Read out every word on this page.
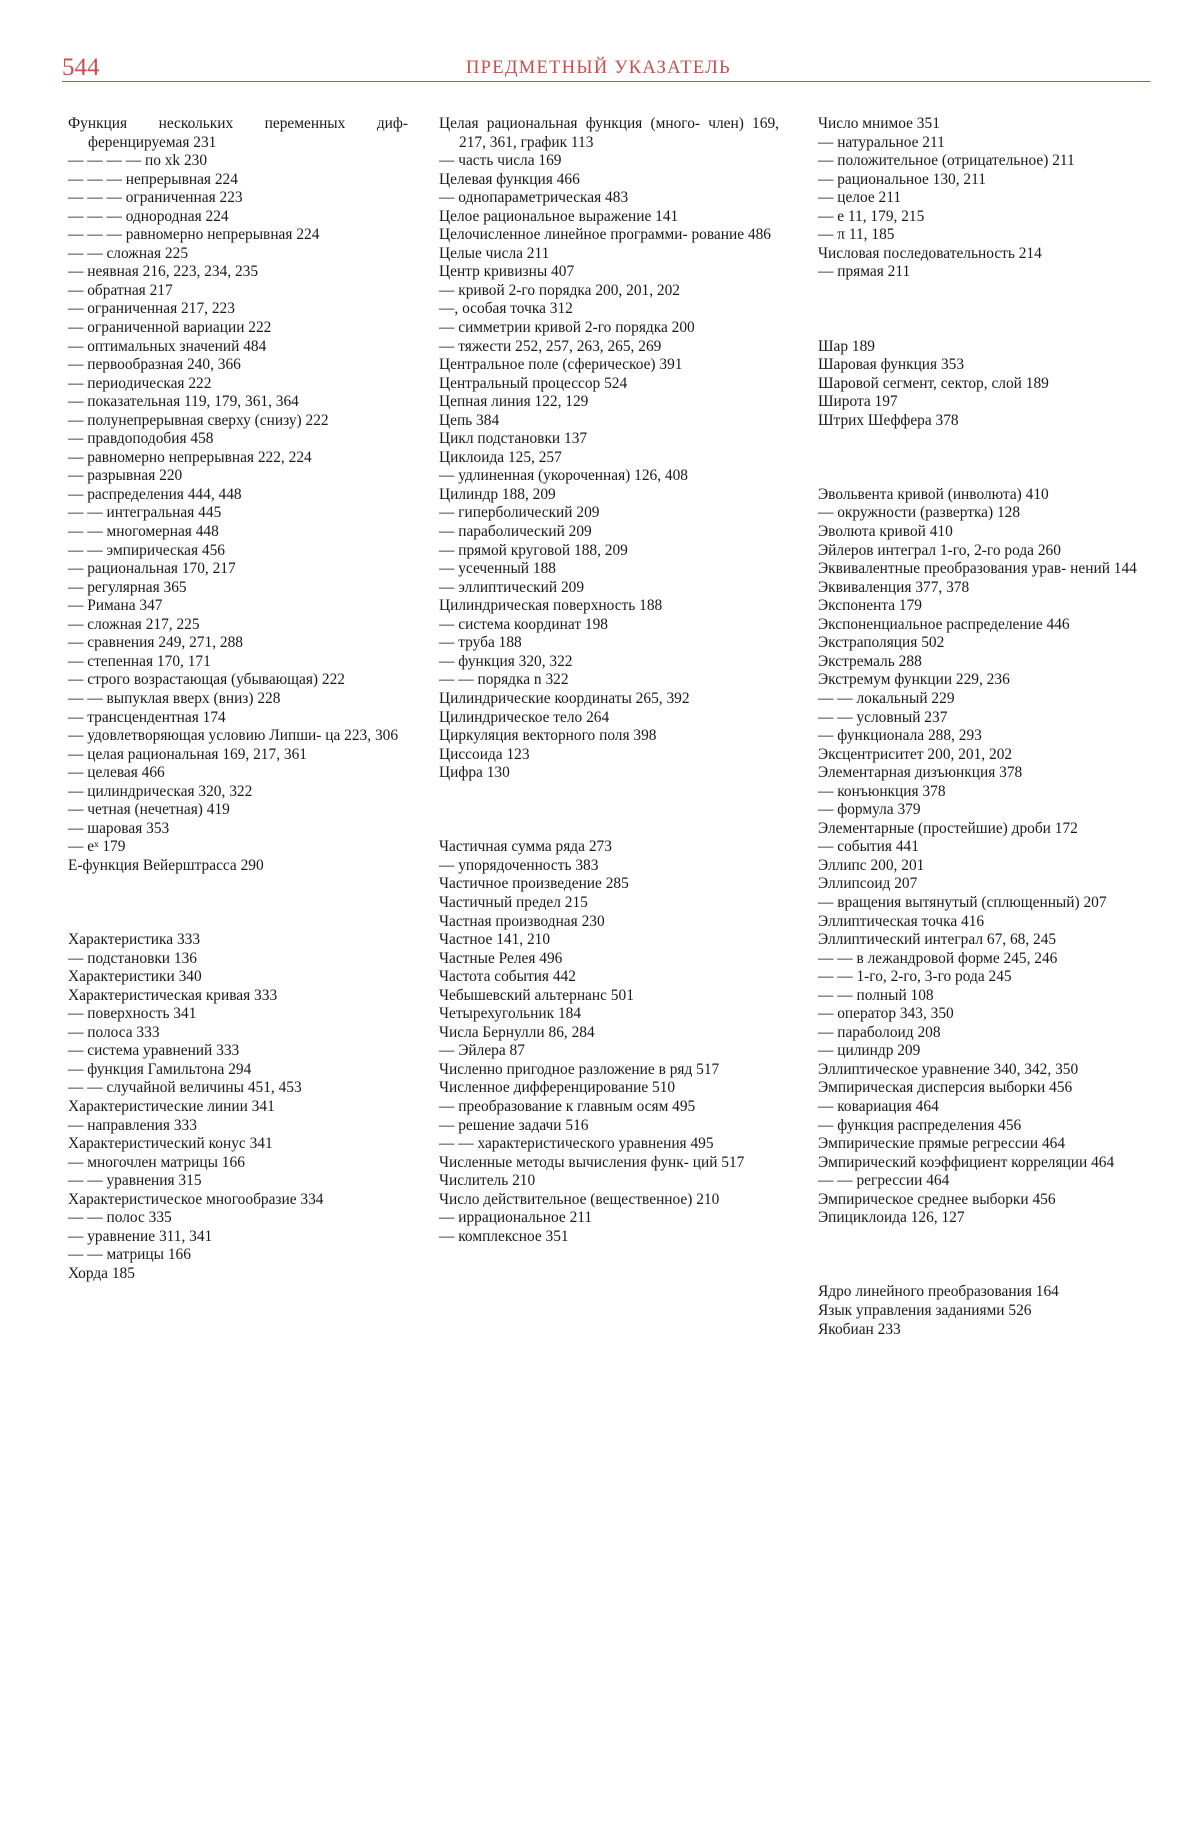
544	ПРЕДМЕТНЫЙ УКАЗАТЕЛЬ
Функция нескольких переменных диф- ференцируемая 231
— — — — по xk 230
— — — непрерывная 224
— — — ограниченная 223
— — — однородная 224
— — — равномерно непрерывная 224
— — сложная 225
— неявная 216, 223, 234, 235
— обратная 217
— ограниченная 217, 223
— ограниченной вариации 222
— оптимальных значений 484
— первообразная 240, 366
— периодическая 222
— показательная 119, 179, 361, 364
— полунепрерывная сверху (снизу) 222
— правдоподобия 458
— равномерно непрерывная 222, 224
— разрывная 220
— распределения 444, 448
— — интегральная 445
— — многомерная 448
— — эмпирическая 456
— рациональная 170, 217
— регулярная 365
— Римана 347
— сложная 217, 225
— сравнения 249, 271, 288
— степенная 170, 171
— строго возрастающая (убывающая) 222
— — выпуклая вверх (вниз) 228
— трансцендентная 174
— удовлетворяющая условию Липши- ца 223, 306
— целая рациональная 169, 217, 361
— целевая 466
— цилиндрическая 320, 322
— четная (нечетная) 419
— шаровая 353
— eˣ 179
E-функция Вейерштрасса 290
Характеристика 333
— подстановки 136
Характеристики 340
Характеристическая кривая 333
— поверхность 341
— полоса 333
— система уравнений 333
— функция Гамильтона 294
— — случайной величины 451, 453
Характеристические линии 341
— направления 333
Характеристический конус 341
— многочлен матрицы 166
— — уравнения 315
Характеристическое многообразие 334
— — полос 335
— уравнение 311, 341
— — матрицы 166
Хорда 185
Целая рациональная функция (много- член) 169, 217, 361, график 113
— часть числа 169
Целевая функция 466
— однопараметрическая 483
Целое рациональное выражение 141
Целочисленное линейное программи- рование 486
Целые числа 211
Центр кривизны 407
— кривой 2-го порядка 200, 201, 202
—, особая точка 312
— симметрии кривой 2-го порядка 200
— тяжести 252, 257, 263, 265, 269
Центральное поле (сферическое) 391
Центральный процессор 524
Цепная линия 122, 129
Цепь 384
Цикл подстановки 137
Циклоида 125, 257
— удлиненная (укороченная) 126, 408
Цилиндр 188, 209
— гиперболический 209
— параболический 209
— прямой круговой 188, 209
— усеченный 188
— эллиптический 209
Цилиндрическая поверхность 188
— система координат 198
— труба 188
— функция 320, 322
— — порядка n 322
Цилиндрические координаты 265, 392
Цилиндрическое тело 264
Циркуляция векторного поля 398
Циссоида 123
Цифра 130
Частичная сумма ряда 273
— упорядоченность 383
Частичное произведение 285
Частичный предел 215
Частная производная 230
Частное 141, 210
Частные Релея 496
Частота события 442
Чебышевский альтернанс 501
Четырехугольник 184
Числа Бернулли 86, 284
— Эйлера 87
Численно пригодное разложение в ряд 517
Численное дифференцирование 510
— преобразование к главным осям 495
— решение задачи 516
— — характеристического уравнения 495
Численные методы вычисления функ- ций 517
Числитель 210
Число действительное (вещественное) 210
— иррациональное 211
— комплексное 351
Число мнимое 351
— натуральное 211
— положительное (отрицательное) 211
— рациональное 130, 211
— целое 211
— e 11, 179, 215
— π 11, 185
Числовая последовательность 214
— прямая 211
Шар 189
Шаровая функция 353
Шаровой сегмент, сектор, слой 189
Широта 197
Штрих Шеффера 378
Эвольвента кривой (инволюта) 410
— окружности (развертка) 128
Эволюта кривой 410
Эйлеров интеграл 1-го, 2-го рода 260
Эквивалентные преобразования урав- нений 144
Эквиваленция 377, 378
Экспонента 179
Экспоненциальное распределение 446
Экстраполяция 502
Экстремаль 288
Экстремум функции 229, 236
— — локальный 229
— — условный 237
— функционала 288, 293
Эксцентриситет 200, 201, 202
Элементарная дизъюнкция 378
— конъюнкция 378
— формула 379
Элементарные (простейшие) дроби 172
— события 441
Эллипс 200, 201
Эллипсоид 207
— вращения вытянутый (сплющенный) 207
Эллиптическая точка 416
Эллиптический интеграл 67, 68, 245
— — в лежандровой форме 245, 246
— — 1-го, 2-го, 3-го рода 245
— — полный 108
— оператор 343, 350
— параболоид 208
— цилиндр 209
Эллиптическое уравнение 340, 342, 350
Эмпирическая дисперсия выборки 456
— ковариация 464
— функция распределения 456
Эмпирические прямые регрессии 464
Эмпирический коэффициент корреляции 464
— — регрессии 464
Эмпирическое среднее выборки 456
Эпициклоида 126, 127
Ядро линейного преобразования 164
Язык управления заданиями 526
Якобиан 233
